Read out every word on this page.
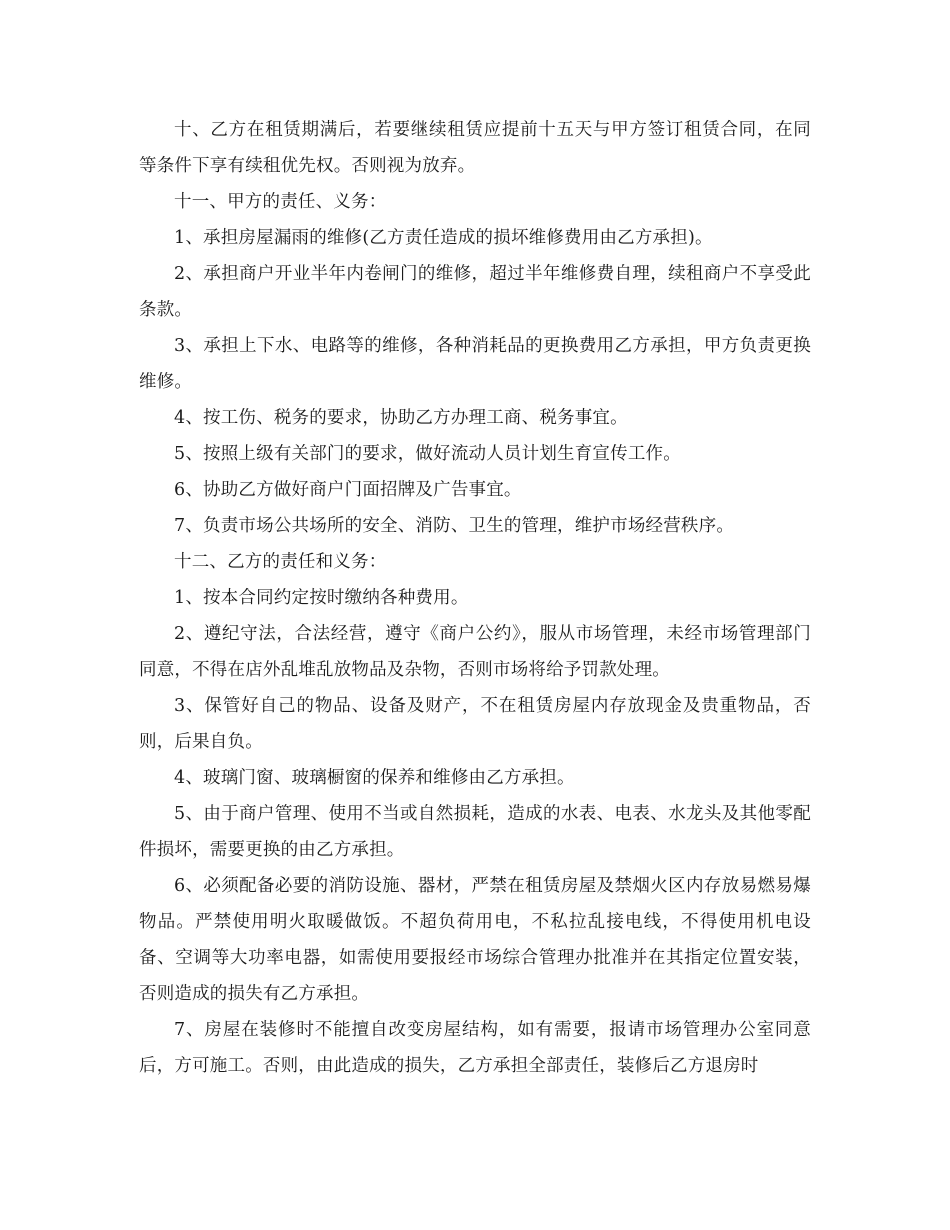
十、乙方在租赁期满后，若要继续租赁应提前十五天与甲方签订租赁合同，在同等条件下享有续租优先权。否则视为放弃。

十一、甲方的责任、义务：

1、承担房屋漏雨的维修(乙方责任造成的损坏维修费用由乙方承担)。

2、承担商户开业半年内卷闸门的维修，超过半年维修费自理，续租商户不享受此条款。

3、承担上下水、电路等的维修，各种消耗品的更换费用乙方承担，甲方负责更换维修。

4、按工伤、税务的要求，协助乙方办理工商、税务事宜。

5、按照上级有关部门的要求，做好流动人员计划生育宣传工作。

6、协助乙方做好商户门面招牌及广告事宜。

7、负责市场公共场所的安全、消防、卫生的管理，维护市场经营秩序。

十二、乙方的责任和义务：

1、按本合同约定按时缴纳各种费用。

2、遵纪守法，合法经营，遵守《商户公约》，服从市场管理，未经市场管理部门同意，不得在店外乱堆乱放物品及杂物，否则市场将给予罚款处理。

3、保管好自己的物品、设备及财产，不在租赁房屋内存放现金及贵重物品，否则，后果自负。

4、玻璃门窗、玻璃橱窗的保养和维修由乙方承担。

5、由于商户管理、使用不当或自然损耗，造成的水表、电表、水龙头及其他零配件损坏，需要更换的由乙方承担。

6、必须配备必要的消防设施、器材，严禁在租赁房屋及禁烟火区内存放易燃易爆物品。严禁使用明火取暖做饭。不超负荷用电，不私拉乱接电线，不得使用机电设备、空调等大功率电器，如需使用要报经市场综合管理办批准并在其指定位置安装，否则造成的损失有乙方承担。

7、房屋在装修时不能擅自改变房屋结构，如有需要，报请市场管理办公室同意后，方可施工。否则，由此造成的损失，乙方承担全部责任，装修后乙方退房时
